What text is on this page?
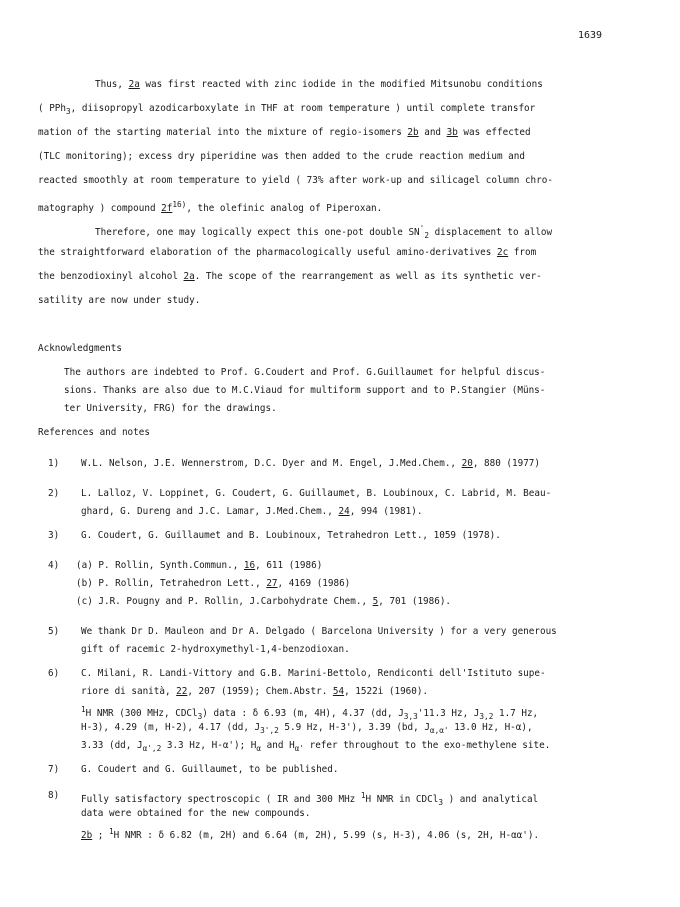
1639
Thus, 2a was first reacted with zinc iodide in the modified Mitsunobu conditions
( PPh$_3$, diisopropyl azodicarboxylate in THF at room temperature ) until complete transfor
mation of the starting material into the mixture of regio-isomers 2b and 3b was effected
(TLC monitoring); excess dry piperidine was then added to the crude reaction medium and
reacted smoothly at room temperature to yield ( 73% after work-up and silicagel column chro-
matography ) compound $2f^{16)}$, the olefinic analog of Piperoxan.
Therefore, one may logically expect this one-pot double $SN'_2$ displacement to allow
the straightforward elaboration of the pharmacologically useful amino-derivatives 2c from
the benzodioxinyl alcohol 2a. The scope of the rearrangement as well as its synthetic ver-
satility are now under study.
Acknowledgments
The authors are indebted to Prof. G.Coudert and Prof. G.Guillaumet for helpful discus-
sions. Thanks are also due to M.C.Viaud for multiform support and to P.Stangier (Müns-
ter University, FRG) for the drawings.
References and notes
1) W.L. Nelson, J.E. Wennerstrom, D.C. Dyer and M. Engel, J.Med.Chem., 20, 880 (1977)
2) L. Lalloz, V. Loppinet, G. Coudert, G. Guillaumet, B. Loubinoux, C. Labrid, M. Beau-
ghard, G. Dureng and J.C. Lamar, J.Med.Chem., 24, 994 (1981).
3) G. Coudert, G. Guillaumet and B. Loubinoux, Tetrahedron Lett., 1059 (1978).
4) (a) P. Rollin, Synth.Commun., 16, 611 (1986)
(b) P. Rollin, Tetrahedron Lett., 27, 4169 (1986)
(c) J.R. Pougny and P. Rollin, J.Carbohydrate Chem., 5, 701 (1986).
5) We thank Dr D. Mauleon and Dr A. Delgado ( Barcelona University ) for a very generous
gift of racemic 2-hydroxymethyl-1,4-benzodioxan.
6) C. Milani, R. Landi-Vittory and G.B. Marini-Bettolo, Rendiconti dell'Istituto supe-
riore di sanità, 22, 207 (1959); Chem.Abstr. 54, 1522i (1960).
$^1$H NMR (300 MHz, CDCl$_3$) data : δ 6.93 (m, 4H), 4.37 (dd, $J_{3,3}'11.3$ Hz, $J_{3,2}$ 1.7 Hz,
H-3), 4.29 (m, H-2), 4.17 (dd, $J_{3',2}$ 5.9 Hz, H-3'), 3.39 (bd, $J_{\alpha,\alpha'}$ 13.0 Hz, H-α),
3.33 (dd, $J_{\alpha',2}$ 3.3 Hz, H-α'); $H_\alpha$ and $H_{\alpha'}$ refer throughout to the exo-methylene site.
7) G. Coudert and G. Guillaumet, to be published.
8) Fully satisfactory spectroscopic ( IR and 300 MHz $^1$H NMR in CDCl$_3$ ) and analytical
data were obtained for the new compounds.
2b ; $^1$H NMR : δ 6.82 (m, 2H) and 6.64 (m, 2H), 5.99 (s, H-3), 4.06 (s, 2H, H-αα').
